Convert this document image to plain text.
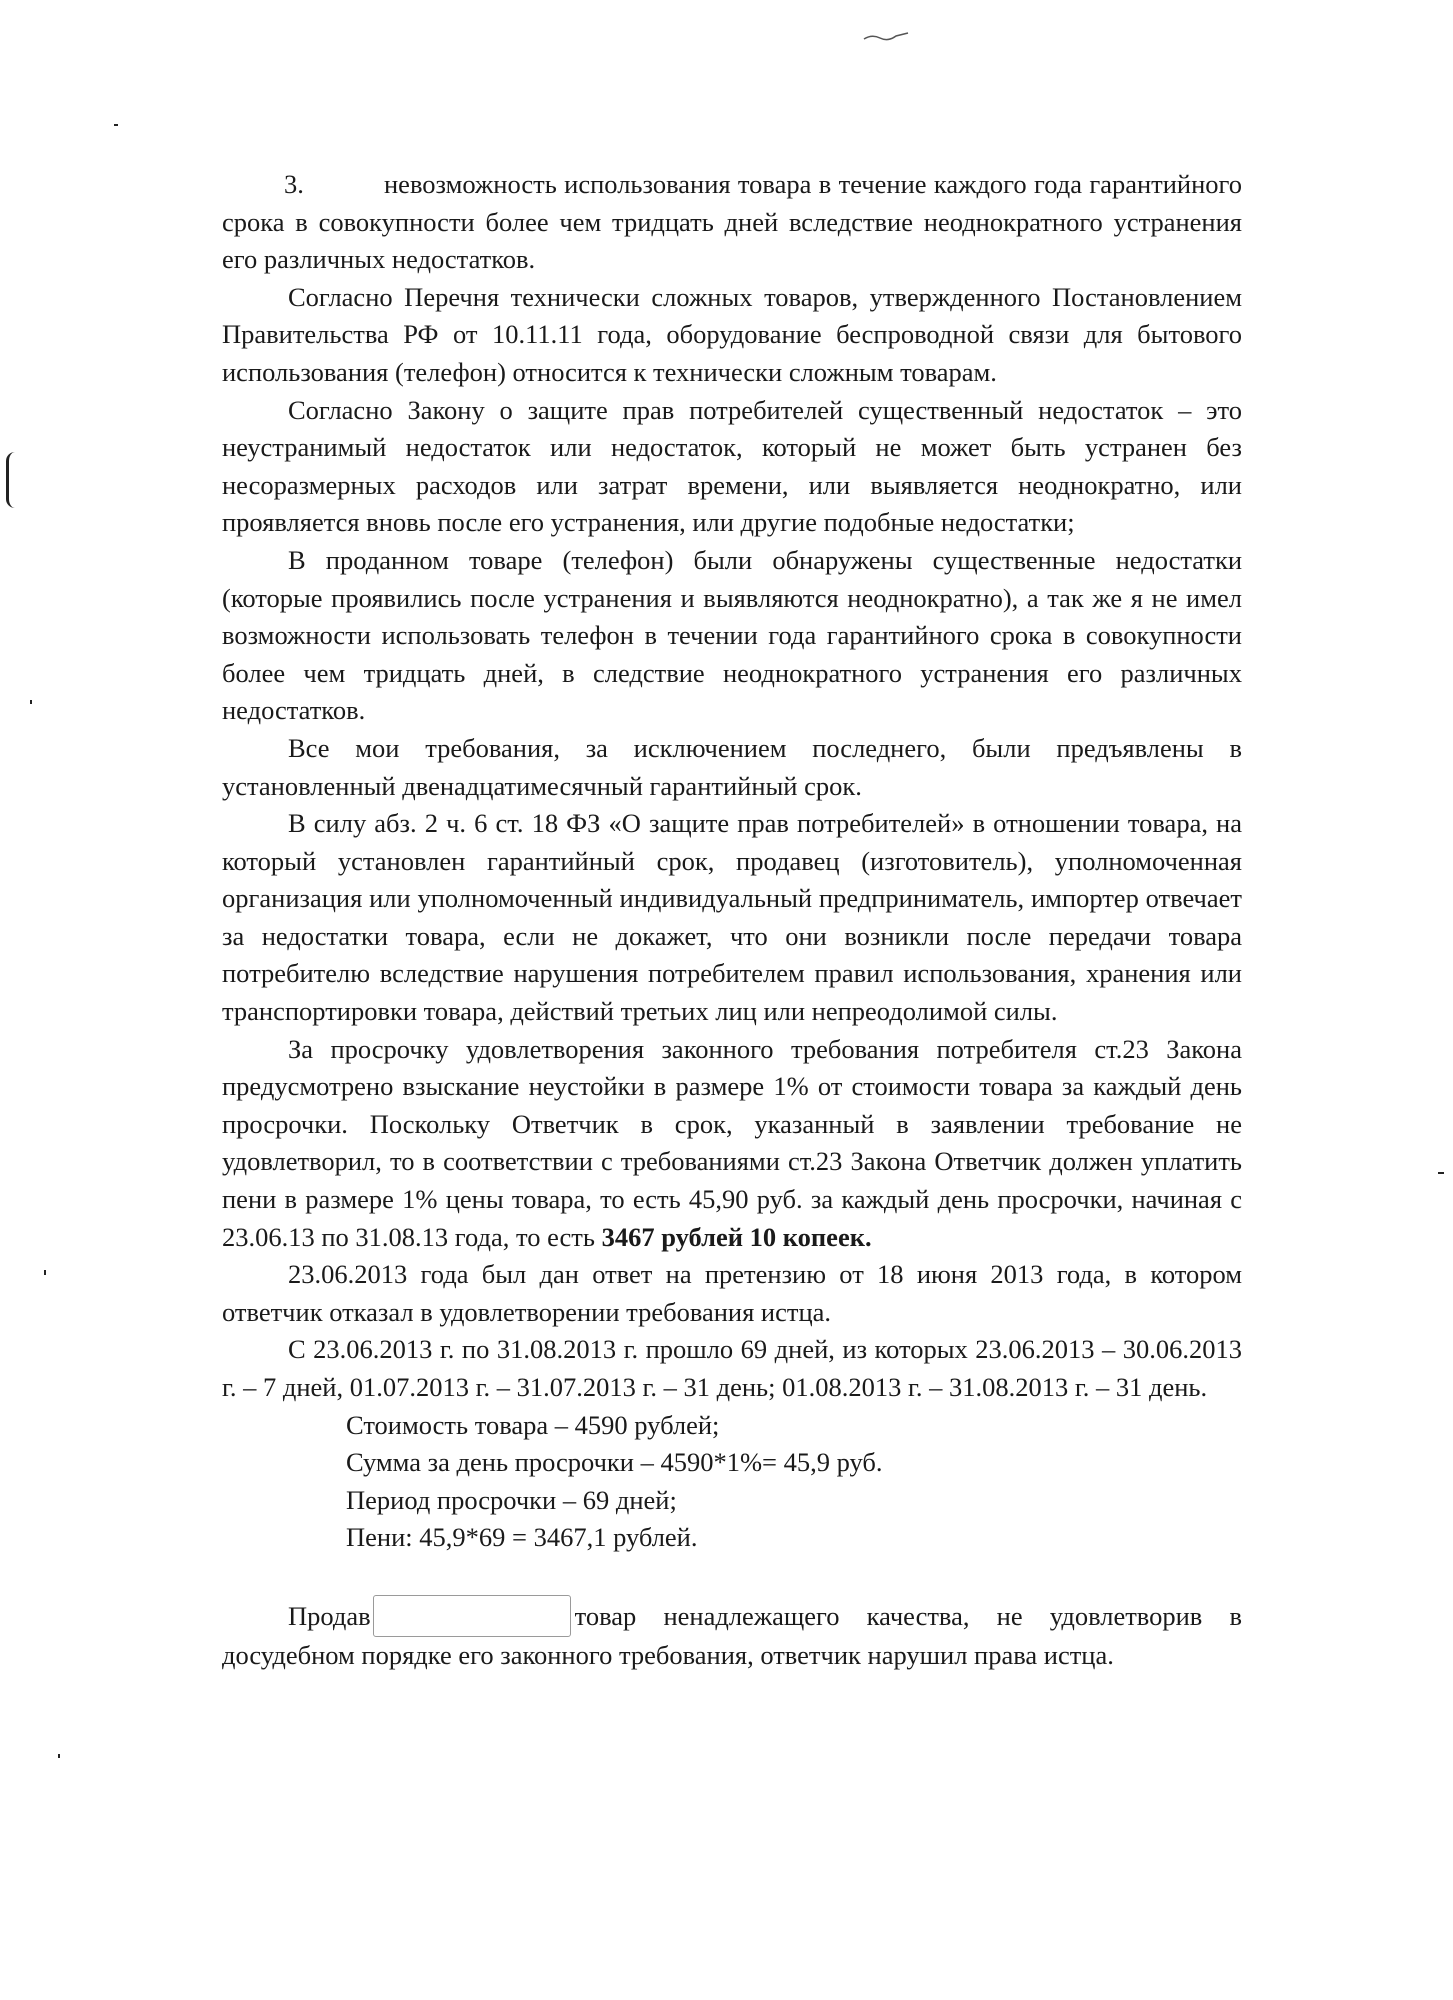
3.	невозможность использования товара в течение каждого года гарантийного срока в совокупности более чем тридцать дней вследствие неоднократного устранения его различных недостатков.

Согласно Перечня технически сложных товаров, утвержденного Постановлением Правительства РФ от 10.11.11 года, оборудование беспроводной связи для бытового использования (телефон) относится к технически сложным товарам.

Согласно Закону о защите прав потребителей существенный недостаток – это неустранимый недостаток или недостаток, который не может быть устранен без несоразмерных расходов или затрат времени, или выявляется неоднократно, или проявляется вновь после его устранения, или другие подобные недостатки;

В проданном товаре (телефон) были обнаружены существенные недостатки (которые проявились после устранения и выявляются неоднократно), а так же я не имел возможности использовать телефон в течении года гарантийного срока в совокупности более чем тридцать дней, в следствие неоднократного устранения его различных недостатков.

Все мои требования, за исключением последнего, были предъявлены в установленный двенадцатимесячный гарантийный срок.

В силу абз. 2 ч. 6 ст. 18 ФЗ «О защите прав потребителей» в отношении товара, на который установлен гарантийный срок, продавец (изготовитель), уполномоченная организация или уполномоченный индивидуальный предприниматель, импортер отвечает за недостатки товара, если не докажет, что они возникли после передачи товара потребителю вследствие нарушения потребителем правил использования, хранения или транспортировки товара, действий третьих лиц или непреодолимой силы.

За просрочку удовлетворения законного требования потребителя ст.23 Закона предусмотрено взыскание неустойки в размере 1% от стоимости товара за каждый день просрочки. Поскольку Ответчик в срок, указанный в заявлении требование не удовлетворил, то в соответствии с требованиями ст.23 Закона Ответчик должен уплатить пени в размере 1% цены товара, то есть 45,90 руб. за каждый день просрочки, начиная с 23.06.13 по 31.08.13 года, то есть 3467 рублей 10 копеек.

23.06.2013 года был дан ответ на претензию от 18 июня 2013 года, в котором ответчик отказал в удовлетворении требования истца.

С 23.06.2013 г. по 31.08.2013 г. прошло 69 дней, из которых 23.06.2013 – 30.06.2013 г. – 7 дней, 01.07.2013 г. – 31.07.2013 г. – 31 день; 01.08.2013 г. – 31.08.2013 г. – 31 день.

Стоимость товара – 4590 рублей;
Сумма за день просрочки – 4590*1%= 45,9 руб.
Период просрочки – 69 дней;
Пени: 45,9*69 = 3467,1 рублей.

Продав	товар ненадлежащего качества, не удовлетворив в досудебном порядке его законного требования, ответчик нарушил права истца.
